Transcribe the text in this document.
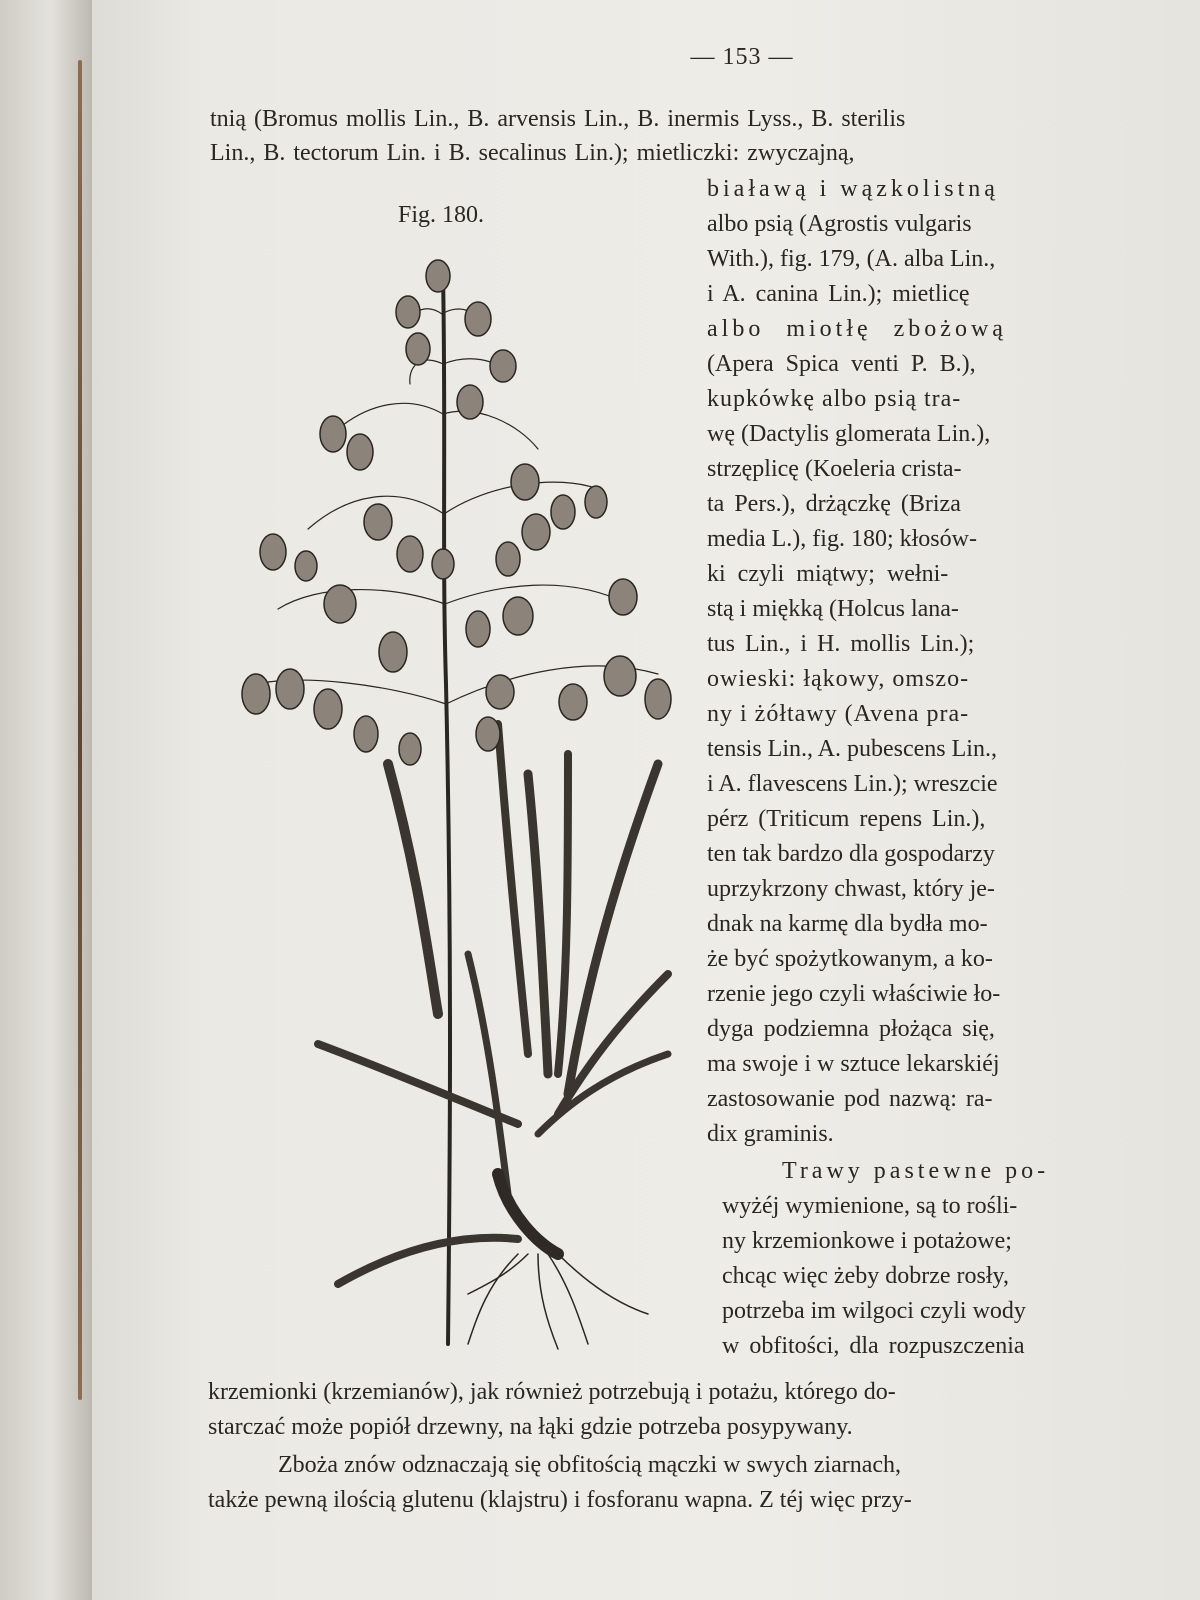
— 153 —
tnią (Bromus mollis Lin., B. arvensis Lin., B. inermis Lyss., B. sterilis
Lin., B. tectorum Lin. i B. secalinus Lin.); mietliczki: zwyczajną,
Fig. 180.
białawą i wązkolistną
albo psią (Agrostis vulgaris
With.), fig. 179, (A. alba Lin.,
i A. canina Lin.); mietlicę
albo miotłę zbożową
(Apera Spica venti P. B.),
kupkówkę albo psią tra-
wę (Dactylis glomerata Lin.),
strzęplicę (Koeleria crista-
ta Pers.), drżączkę (Briza
media L.), fig. 180; kłosów-
ki czyli miątwy; wełni-
stą i miękką (Holcus lana-
tus Lin., i H. mollis Lin.);
owieski: łąkowy, omszo-
ny i żółtawy (Avena pra-
tensis Lin., A. pubescens Lin.,
i A. flavescens Lin.); wreszcie
pérz (Triticum repens Lin.),
ten tak bardzo dla gospodarzy
uprzykrzony chwast, który je-
dnak na karmę dla bydła mo-
że być spożytkowanym, a ko-
rzenie jego czyli właściwie ło-
dyga podziemna płożąca się,
ma swoje i w sztuce lekarskiéj
zastosowanie pod nazwą: ra-
dix graminis.
Trawy pastewne po-
wyżéj wymienione, są to rośli-
ny krzemionkowe i potażowe;
chcąc więc żeby dobrze rosły,
potrzeba im wilgoci czyli wody
w obfitości, dla rozpuszczenia
krzemionki (krzemianów), jak również potrzebują i potażu, którego do-
starczać może popiół drzewny, na łąki gdzie potrzeba posypywany.
Zboża znów odznaczają się obfitością mączki w swych ziarnach,
także pewną ilością glutenu (klajstru) i fosforanu wapna. Z téj więc przy-
